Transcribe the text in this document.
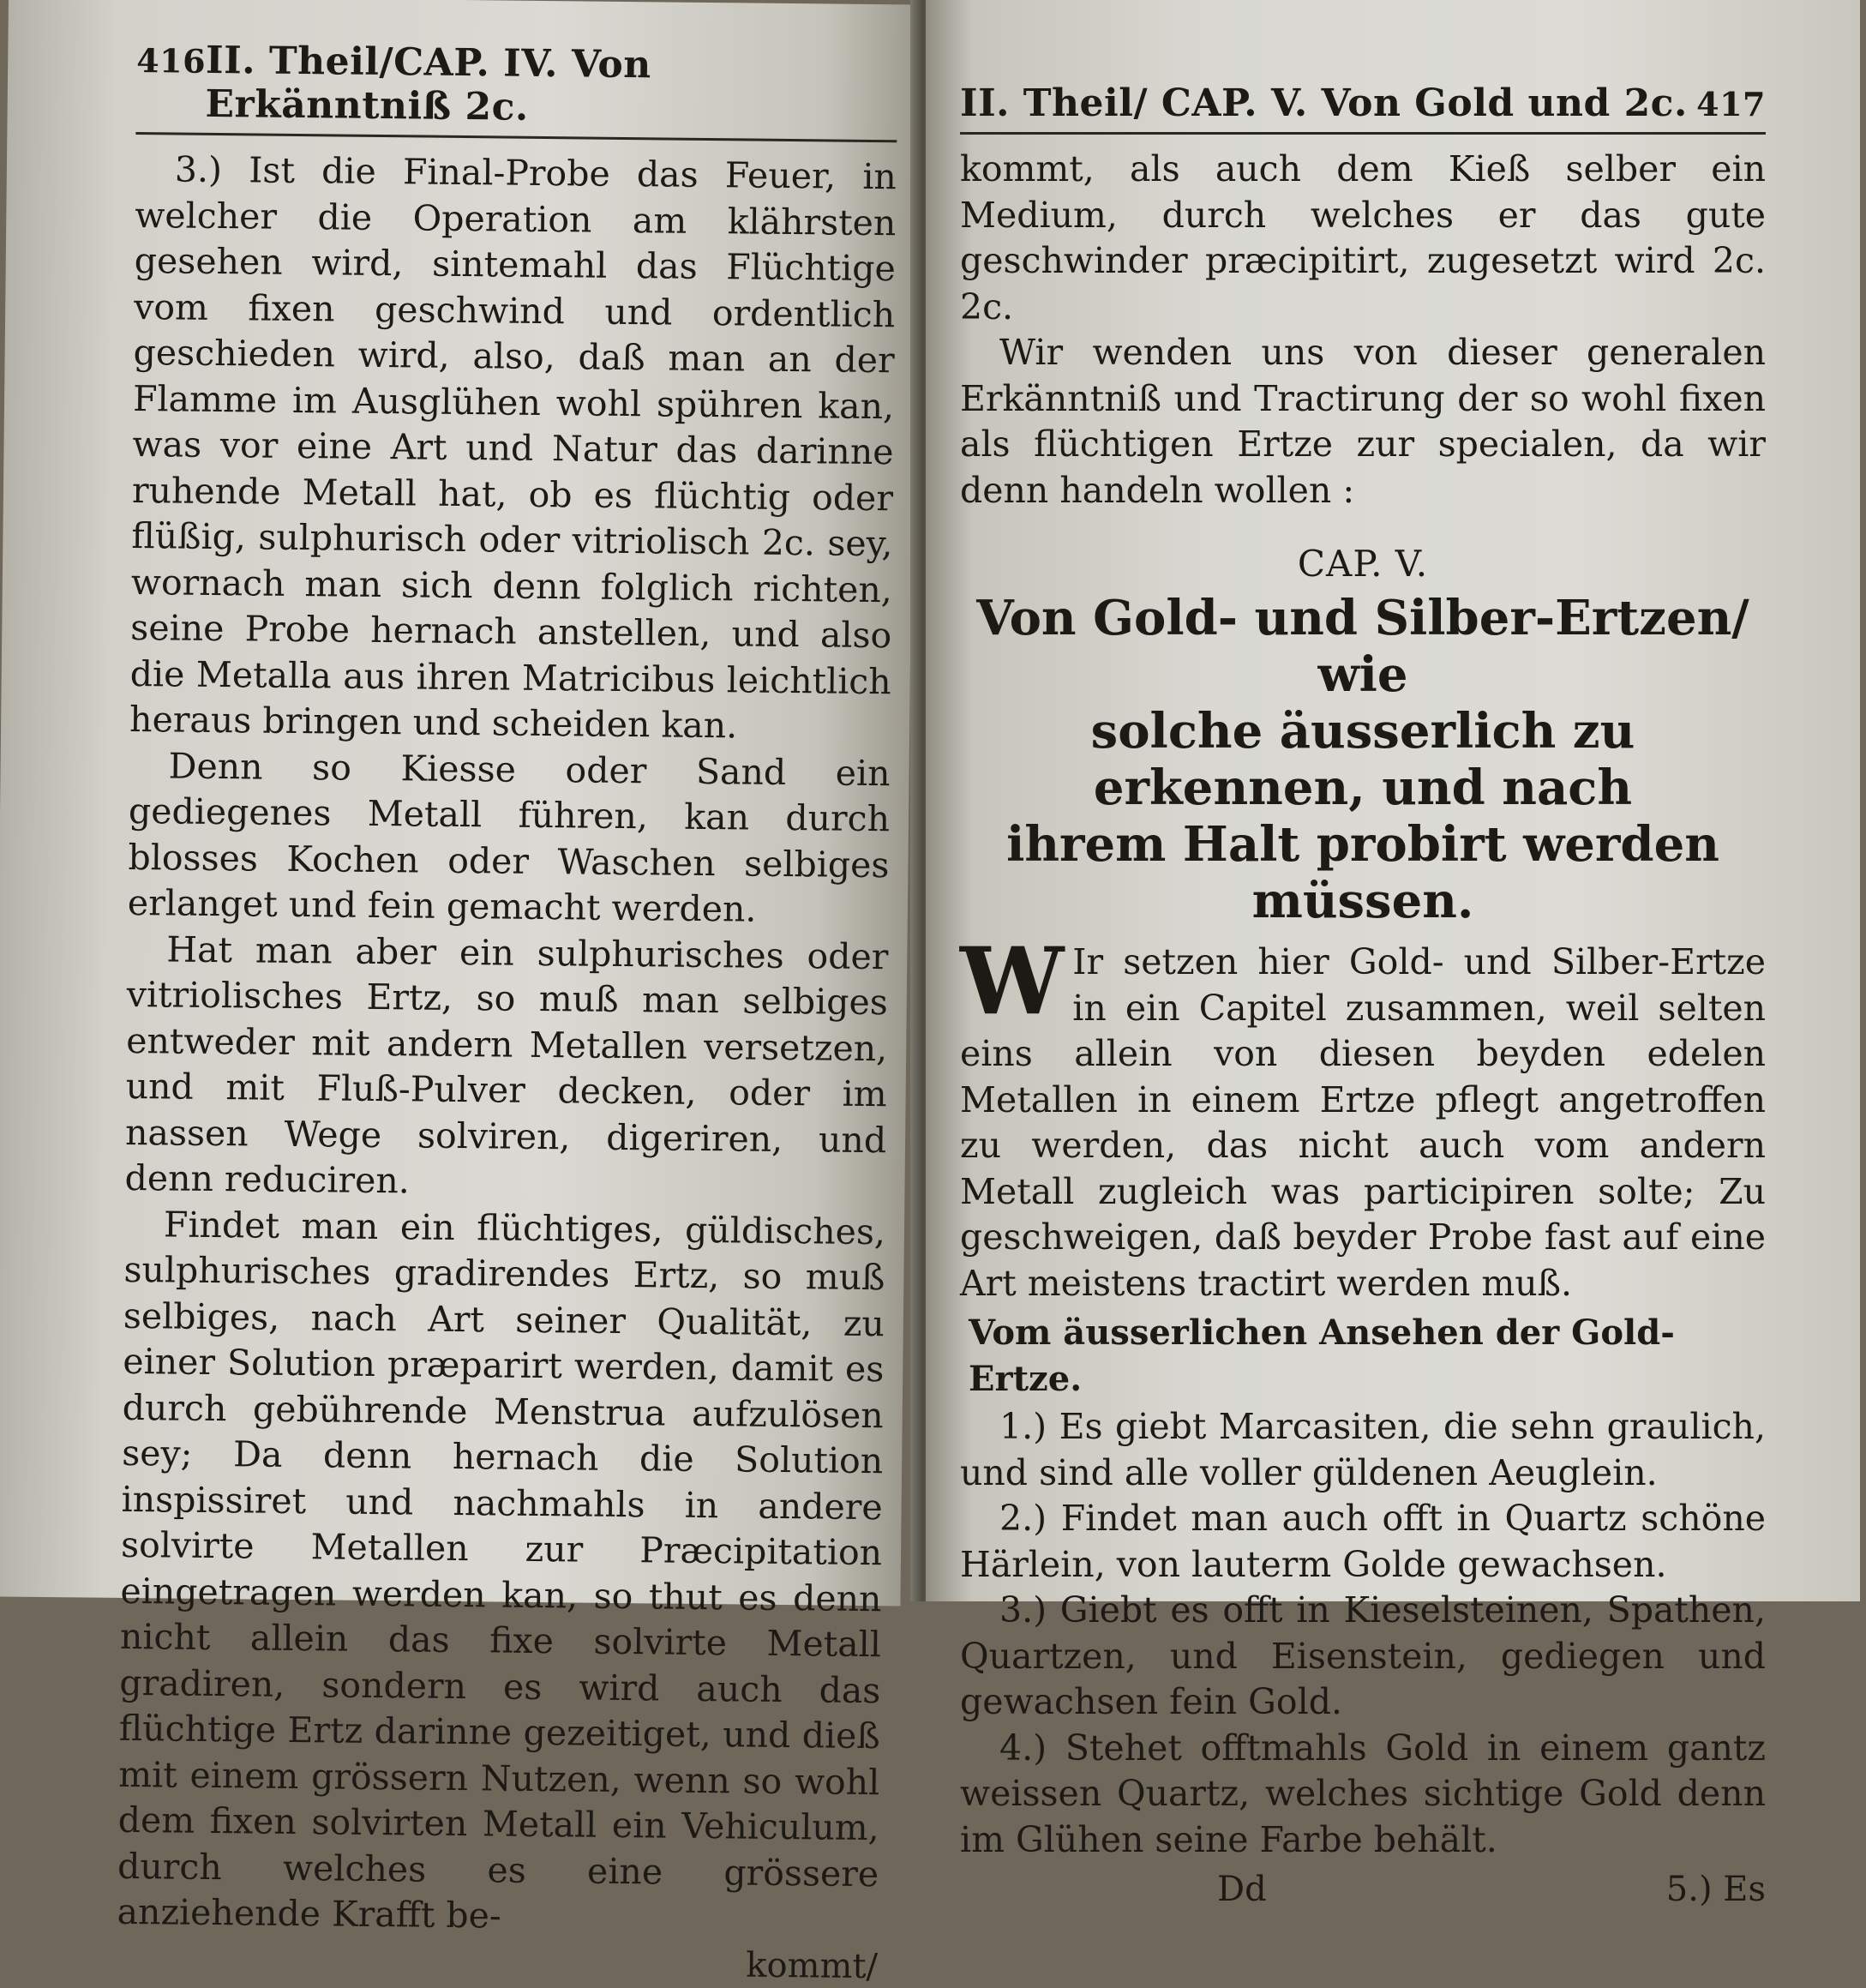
416 II. Theil/CAP. IV. Von Erkänntniß 2c.

3.) Ist die Final-Probe das Feuer, in welcher die Operation am klährsten gesehen wird, sintemahl das Flüchtige vom fixen geschwind und ordentlich geschieden wird, also, daß man an der Flamme im Ausglühen wohl spühren kan, was vor eine Art und Natur das darinne ruhende Metall hat, ob es flüchtig oder flüßig, sulphurisch oder vitriolisch 2c. sey, wornach man sich denn folglich richten, seine Probe hernach anstellen, und also die Metalla aus ihren Matricibus leichtlich heraus bringen und scheiden kan.

Denn so Kiesse oder Sand ein gediegenes Metall führen, kan durch blosses Kochen oder Waschen selbiges erlanget und fein gemacht werden.

Hat man aber ein sulphurisches oder vitriolisches Ertz, so muß man selbiges entweder mit andern Metallen versetzen, und mit Fluß-Pulver decken, oder im nassen Wege solviren, digeriren, und denn reduciren.

Findet man ein flüchtiges, güldisches, sulphurisches gradirendes Ertz, so muß selbiges, nach Art seiner Qualität, zu einer Solution præparirt werden, damit es durch gebührende Menstrua aufzulösen sey; Da denn hernach die Solution inspissiret und nachmahls in andere solvirte Metallen zur Præcipitation eingetragen werden kan, so thut es denn nicht allein das fixe solvirte Metall gradiren, sondern es wird auch das flüchtige Ertz darinne gezeitiget, und dieß mit einem grössern Nutzen, wenn so wohl dem fixen solvirten Metall ein Vehiculum, durch welches es eine grössere anziehende Krafft be-

kommt/
II. Theil/ CAP. V. Von Gold und 2c. 417

kommt, als auch dem Kieß selber ein Medium, durch welches er das gute geschwinder præcipitirt, zugesetzt wird 2c. 2c.

Wir wenden uns von dieser generalen Erkänntniß und Tractirung der so wohl fixen als flüchtigen Ertze zur specialen, da wir denn handeln wollen :

CAP. V.
Von Gold- und Silber-Ertzen/ wie
solche äusserlich zu erkennen, und nach
ihrem Halt probirt werden
müssen.

W Ir setzen hier Gold- und Silber-Ertze in ein Capitel zusammen, weil selten eins allein von diesen beyden edelen Metallen in einem Ertze pflegt angetroffen zu werden, das nicht auch vom andern Metall zugleich was participiren solte; Zu geschweigen, daß beyder Probe fast auf eine Art meistens tractirt werden muß.

Vom äusserlichen Ansehen der Gold-Ertze.

1.) Es giebt Marcasiten, die sehn graulich, und sind alle voller güldenen Aeuglein.

2.) Findet man auch offt in Quartz schöne Härlein, von lauterm Golde gewachsen.

3.) Giebt es offt in Kieselsteinen, Spathen, Quartzen, und Eisenstein, gediegen und gewachsen fein Gold.

4.) Stehet offtmahls Gold in einem gantz weissen Quartz, welches sichtige Gold denn im Glühen seine Farbe behält.

Dd	5.) Es
